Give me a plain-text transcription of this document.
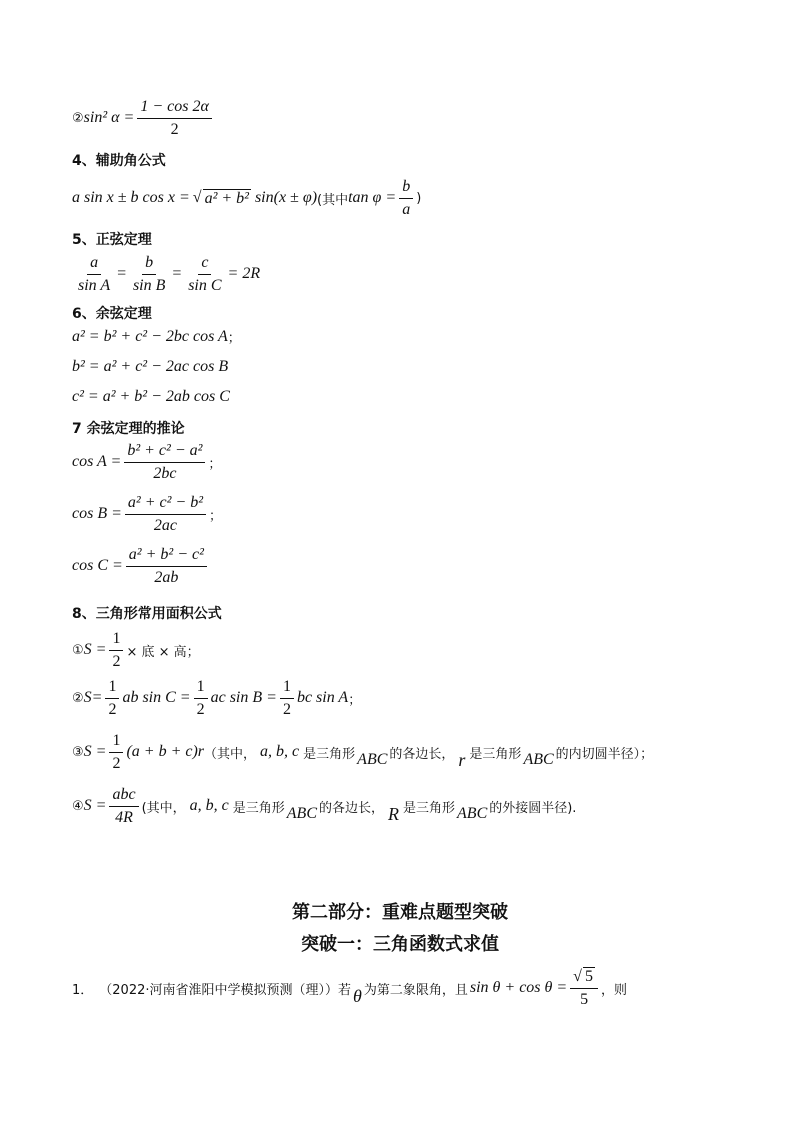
② sin² $\alpha = \frac{1 - \cos 2\alpha}{2}$
4、辅助角公式
a sin x ± b cos x = √ a² + b² sin(x ± φ) (其中 $\tan \varphi = \frac{b}{a}$ )
5、正弦定理
$\frac{a}{\text{sin A}} = \frac{b}{\text{sin B}} = \frac{c}{\text{sin C}} = 2R$
6、余弦定理
a² = b² + c² − 2bc cos A ；
b² = a² + c² − 2ac cos B
c² = a² + b² − 2ab cos C
7 余弦定理的推论
$\cos A = \frac{\text{b² + c² − a²}}{2bc}$ ；
$\cos B = \frac{\text{a² + c² − b²}}{2ac}$ ；
$\cos C = \frac{\text{a² + b² − c²}}{2ab}$
8、三角形常用面积公式
① $S = \frac{1}{2}$ × 底 × 高 ；
② $S= \frac{1}{2}$ ab $\sin C = \frac{1}{2}$ ac $\sin B = \frac{1}{2}$ bc sin A ；
③ $S = \frac{1}{2} (a + b + c)r$ （其中， a, b, c 是三角形 ABC 的各边长， r 是三角形 ABC 的内切圆半径）；
④ $S = \frac{\text{abc}}{4R}$ (其中， a, b, c 是三角形 ABC 的各边长， R 是三角形 ABC 的外接圆半径).
第二部分：重难点题型突破
突破一：三角函数式求值
1． （2022·河南省淮阳中学模拟预测（理））若 θ 为第二象限角，且 $\sin \theta + \cos \theta = \frac{√ 5}{5}$ ，则
